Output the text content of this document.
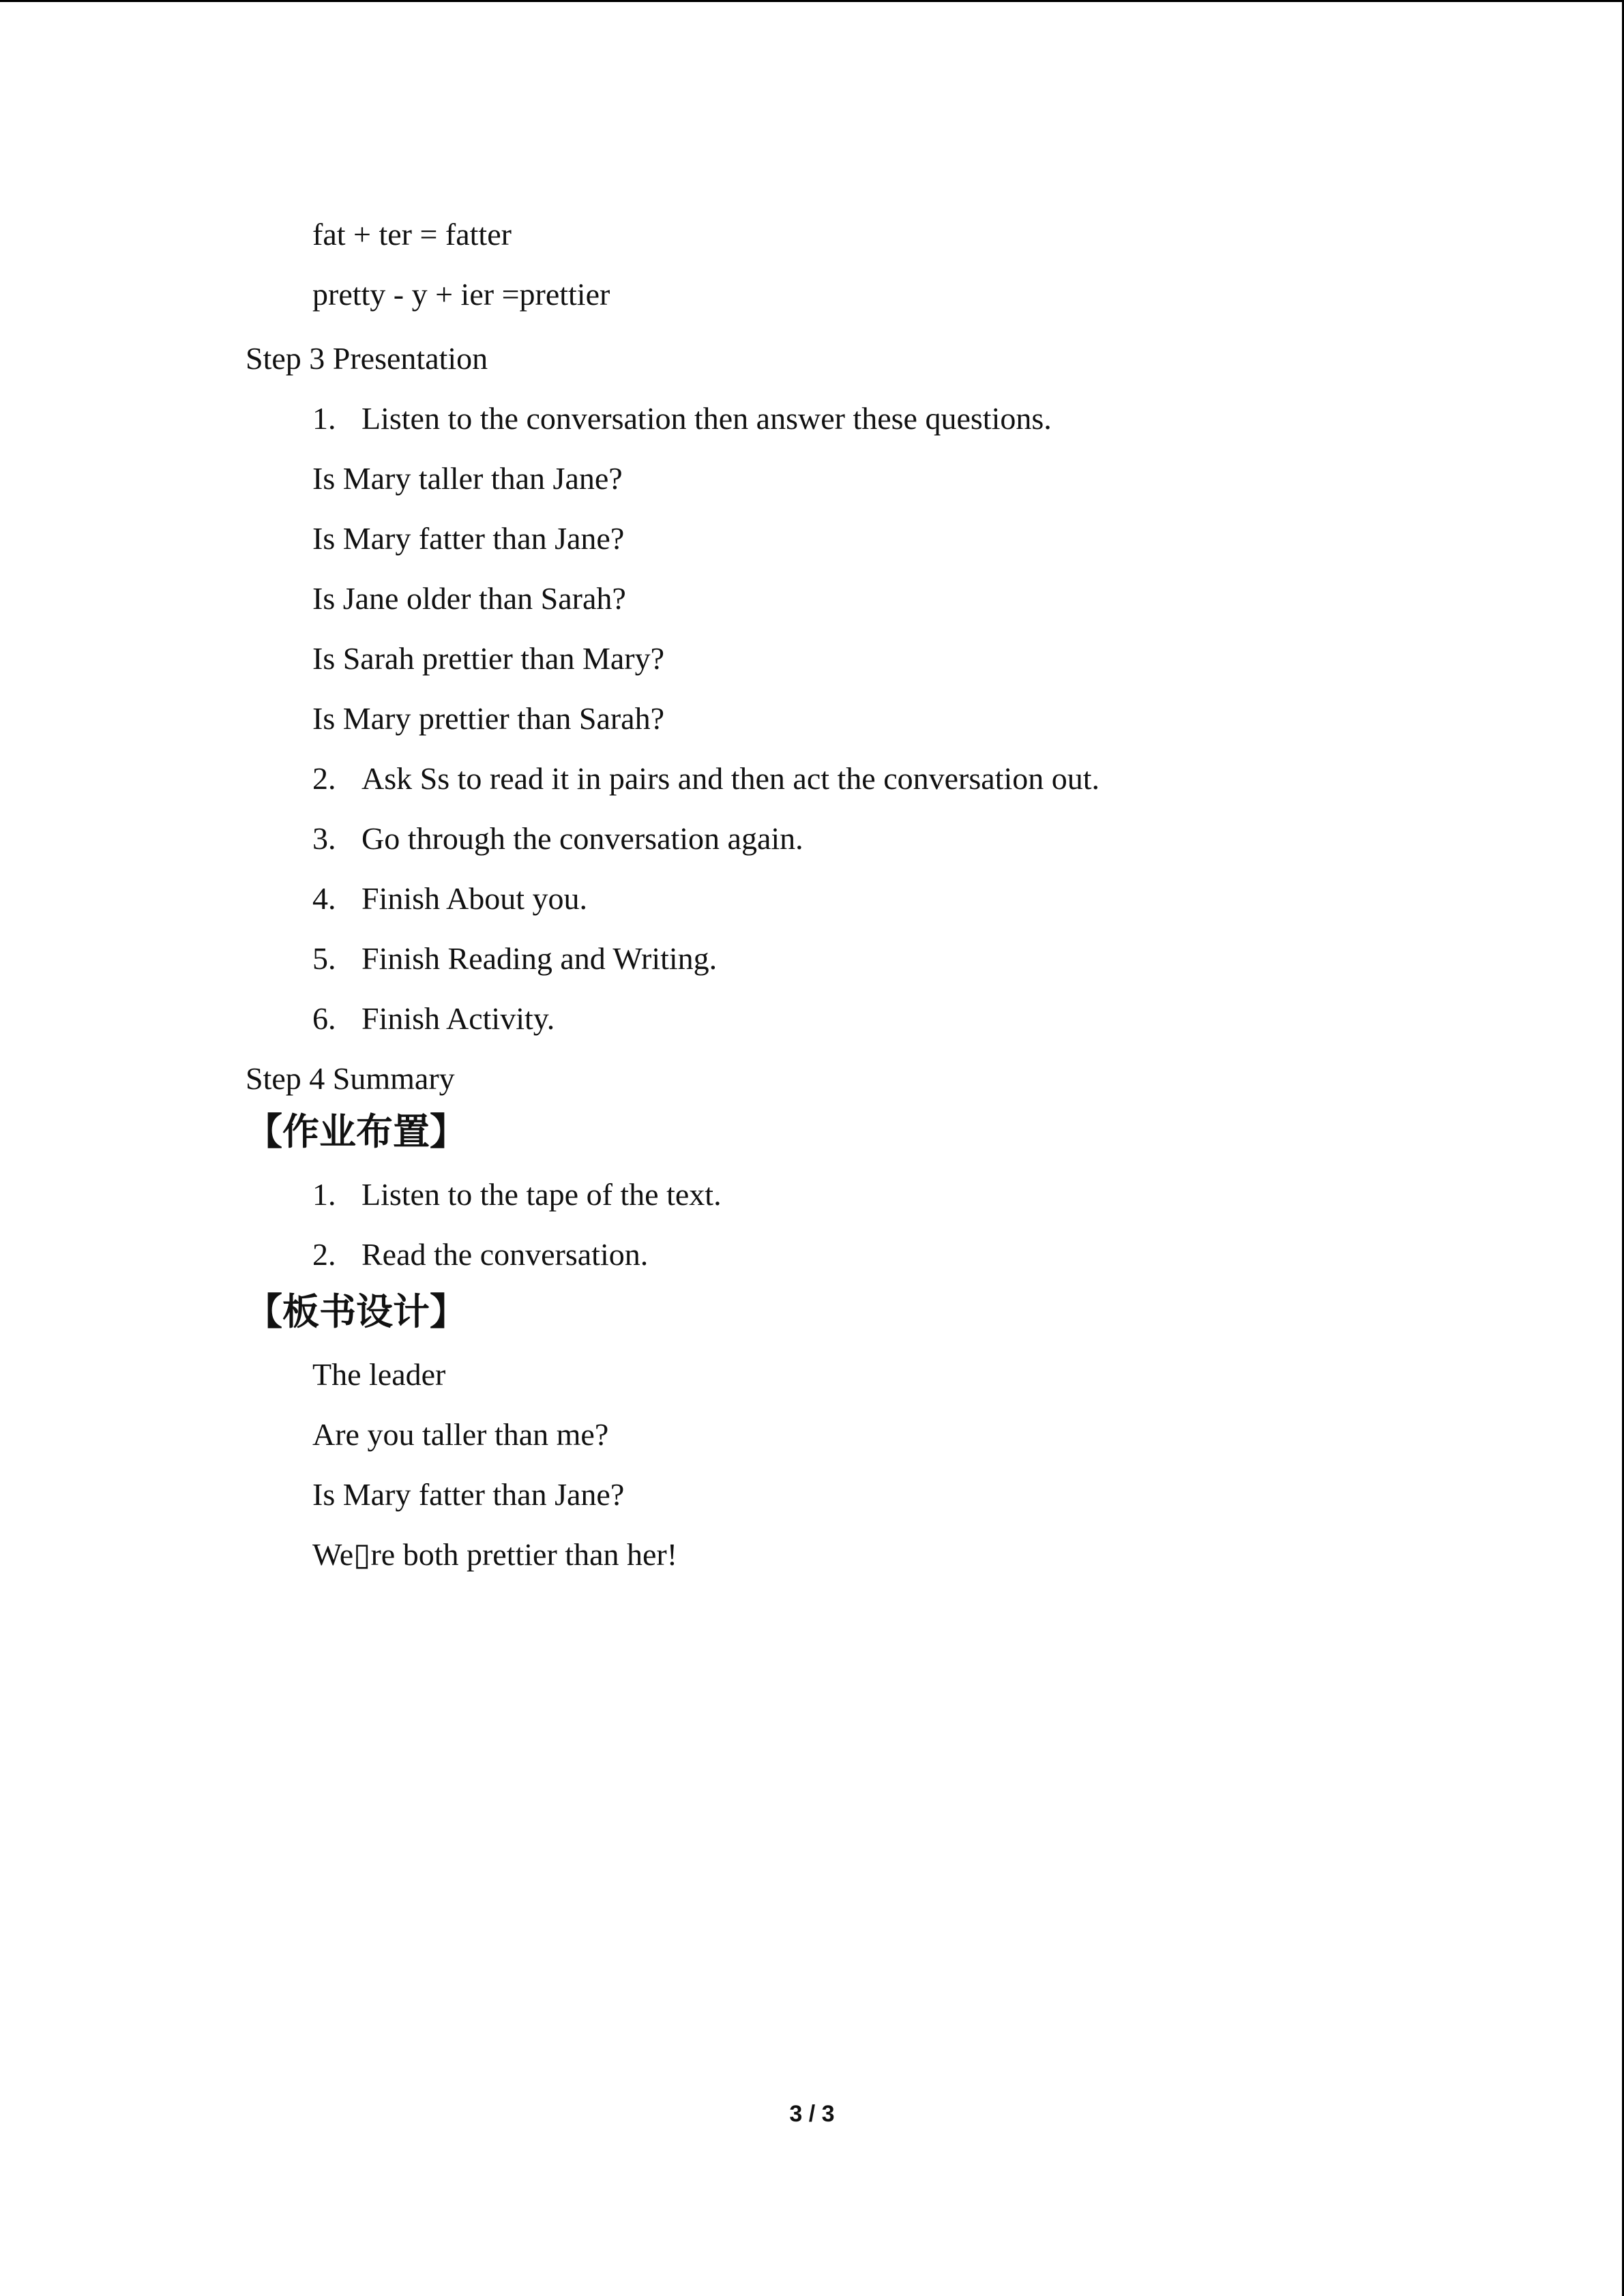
fat + ter = fatter
pretty - y + ier =prettier
Step 3 Presentation
1. Listen to the conversation then answer these questions.
Is Mary taller than Jane?
Is Mary fatter than Jane?
Is Jane older than Sarah?
Is Sarah prettier than Mary?
Is Mary prettier than Sarah?
2. Ask Ss to read it in pairs and then act the conversation out.
3. Go through the conversation again.
4. Finish About you.
5. Finish Reading and Writing.
6. Finish Activity.
Step 4 Summary
【作业布置】
1. Listen to the tape of the text.
2. Read the conversation.
【板书设计】
The leader
Are you taller than me?
Is Mary fatter than Jane?
We▯re both prettier than her!
3 / 3
